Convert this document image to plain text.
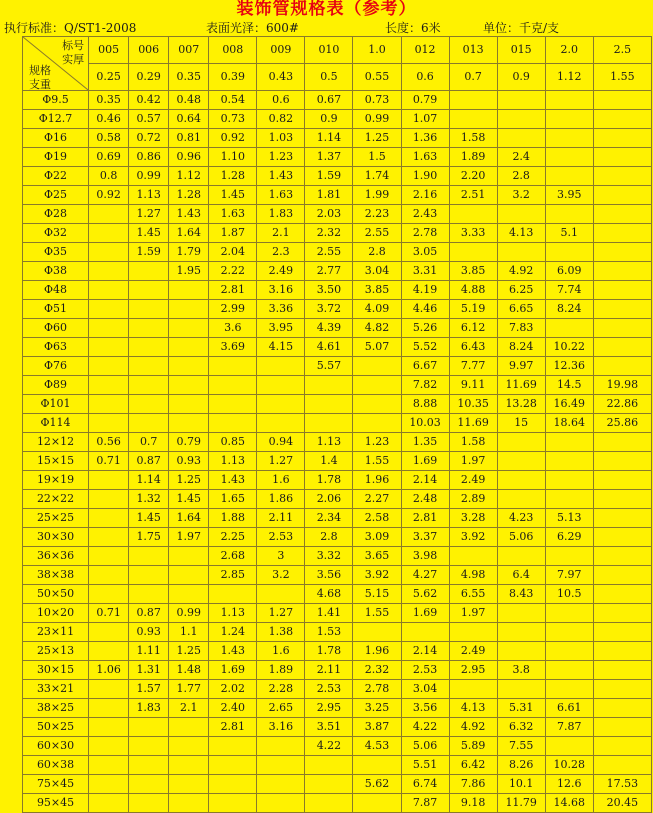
装饰管规格表（参考）
执行标准：Q/ST1-2008	表面光泽：600#	长度：6米	单位：千克/支
标号
实厚
规格
支重	005	006	007	008	009	010	1.0	012	013	015	2.0	2.5
	0.25	0.29	0.35	0.39	0.43	0.5	0.55	0.6	0.7	0.9	1.12	1.55
Φ9.5	0.35	0.42	0.48	0.54	0.6	0.67	0.73	0.79				
Φ12.7	0.46	0.57	0.64	0.73	0.82	0.9	0.99	1.07				
Φ16	0.58	0.72	0.81	0.92	1.03	1.14	1.25	1.36	1.58			
Φ19	0.69	0.86	0.96	1.10	1.23	1.37	1.5	1.63	1.89	2.4		
Φ22	0.8	0.99	1.12	1.28	1.43	1.59	1.74	1.90	2.20	2.8		
Φ25	0.92	1.13	1.28	1.45	1.63	1.81	1.99	2.16	2.51	3.2	3.95	
Φ28		1.27	1.43	1.63	1.83	2.03	2.23	2.43				
Φ32		1.45	1.64	1.87	2.1	2.32	2.55	2.78	3.33	4.13	5.1	
Φ35		1.59	1.79	2.04	2.3	2.55	2.8	3.05				
Φ38			1.95	2.22	2.49	2.77	3.04	3.31	3.85	4.92	6.09	
Φ48				2.81	3.16	3.50	3.85	4.19	4.88	6.25	7.74	
Φ51				2.99	3.36	3.72	4.09	4.46	5.19	6.65	8.24	
Φ60				3.6	3.95	4.39	4.82	5.26	6.12	7.83		
Φ63				3.69	4.15	4.61	5.07	5.52	6.43	8.24	10.22	
Φ76						5.57		6.67	7.77	9.97	12.36	
Φ89								7.82	9.11	11.69	14.5	19.98
Φ101								8.88	10.35	13.28	16.49	22.86
Φ114								10.03	11.69	15	18.64	25.86
12×12	0.56	0.7	0.79	0.85	0.94	1.13	1.23	1.35	1.58			
15×15	0.71	0.87	0.93	1.13	1.27	1.4	1.55	1.69	1.97			
19×19		1.14	1.25	1.43	1.6	1.78	1.96	2.14	2.49			
22×22		1.32	1.45	1.65	1.86	2.06	2.27	2.48	2.89			
25×25		1.45	1.64	1.88	2.11	2.34	2.58	2.81	3.28	4.23	5.13	
30×30		1.75	1.97	2.25	2.53	2.8	3.09	3.37	3.92	5.06	6.29	
36×36				2.68	3	3.32	3.65	3.98				
38×38				2.85	3.2	3.56	3.92	4.27	4.98	6.4	7.97	
50×50						4.68	5.15	5.62	6.55	8.43	10.5	
10×20	0.71	0.87	0.99	1.13	1.27	1.41	1.55	1.69	1.97			
23×11		0.93	1.1	1.24	1.38	1.53						
25×13		1.11	1.25	1.43	1.6	1.78	1.96	2.14	2.49			
30×15	1.06	1.31	1.48	1.69	1.89	2.11	2.32	2.53	2.95	3.8		
33×21		1.57	1.77	2.02	2.28	2.53	2.78	3.04				
38×25		1.83	2.1	2.40	2.65	2.95	3.25	3.56	4.13	5.31	6.61	
50×25				2.81	3.16	3.51	3.87	4.22	4.92	6.32	7.87	
60×30						4.22	4.53	5.06	5.89	7.55		
60×38								5.51	6.42	8.26	10.28	
75×45							5.62	6.74	7.86	10.1	12.6	17.53
95×45								7.87	9.18	11.79	14.68	20.45
